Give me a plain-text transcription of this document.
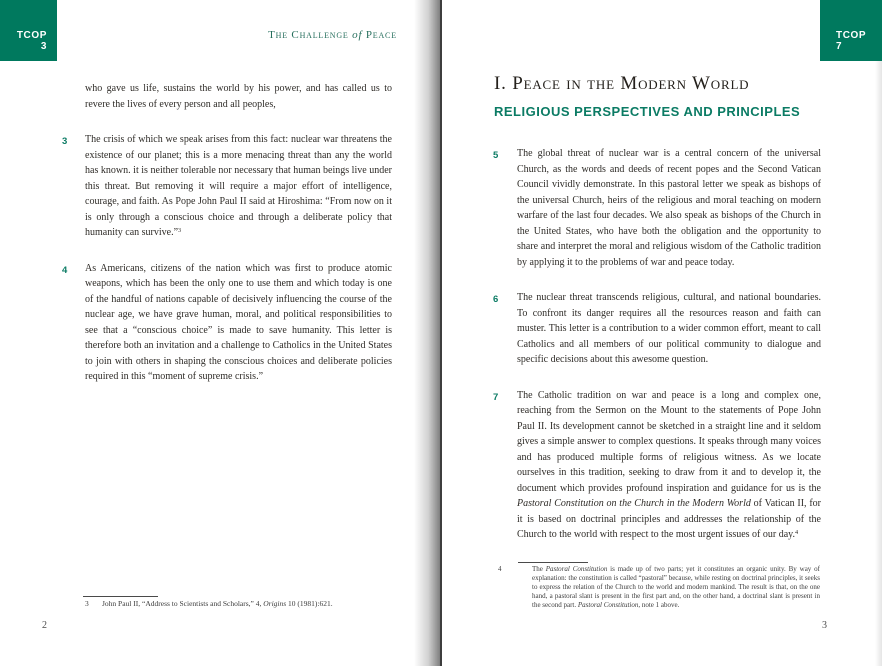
TCOP
3
The Challenge of Peace
who gave us life, sustains the world by his power, and has called us to revere the lives of every person and all peoples,
3	The crisis of which we speak arises from this fact: nuclear war threatens the existence of our planet; this is a more menacing threat than any the world has known. it is neither tolerable nor necessary that human beings live under this threat. But removing it will require a major effort of intelligence, courage, and faith. As Pope John Paul II said at Hiroshima: “From now on it is only through a conscious choice and through a deliberate policy that humanity can survive.”$^3$
4	As Americans, citizens of the nation which was first to produce atomic weapons, which has been the only one to use them and which today is one of the handful of nations capable of decisively influencing the course of the nuclear age, we have grave human, moral, and political responsibilities to see that a “conscious choice” is made to save humanity. This letter is therefore both an invitation and a challenge to Catholics in the United States to join with others in shaping the conscious choices and deliberate policies required in this “moment of supreme crisis.”
3 John Paul II, “Address to Scientists and Scholars,” 4, Origins 10 (1981):621.
2
TCOP
7
I. Peace in the Modern World
RELIGIOUS PERSPECTIVES AND PRINCIPLES
5	The global threat of nuclear war is a central concern of the universal Church, as the words and deeds of recent popes and the Second Vatican Council vividly demonstrate. In this pastoral letter we speak as bishops of the universal Church, heirs of the religious and moral teaching on modern warfare of the last four decades. We also speak as bishops of the Church in the United States, who have both the obligation and the opportunity to share and interpret the moral and religious wisdom of the Catholic tradition by applying it to the problems of war and peace today.
6	The nuclear threat transcends religious, cultural, and national boundaries. To confront its danger requires all the resources reason and faith can muster. This letter is a contribution to a wider common effort, meant to call Catholics and all members of our political community to dialogue and specific decisions about this awesome question.
7	The Catholic tradition on war and peace is a long and complex one, reaching from the Sermon on the Mount to the statements of Pope John Paul II. Its development cannot be sketched in a straight line and it seldom gives a simple answer to complex questions. It speaks through many voices and has produced multiple forms of religious witness. As we locate ourselves in this tradition, seeking to draw from it and to develop it, the document which provides profound inspiration and guidance for us is the Pastoral Constitution on the Church in the Modern World of Vatican II, for it is based on doctrinal principles and addresses the relationship of the Church to the world with respect to the most urgent issues of our day.$^4$
4	The Pastoral Constitution is made up of two parts; yet it constitutes an organic unity. By way of explanation: the constitution is called “pastoral” because, while resting on doctrinal principles, it seeks to express the relation of the Church to the world and modern mankind. The result is that, on the one hand, a pastoral slant is present in the first part and, on the other hand, a doctrinal slant is present in the second part. Pastoral Constitution, note 1 above.
3
